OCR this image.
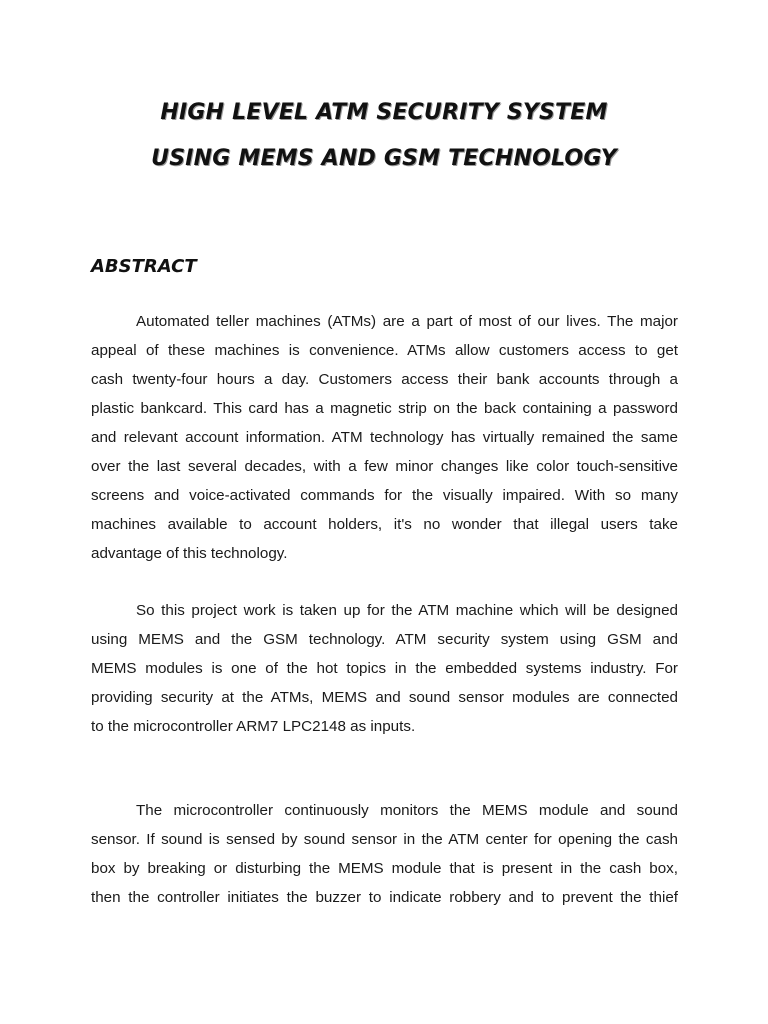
HIGH LEVEL ATM SECURITY SYSTEM
USING MEMS AND GSM TECHNOLOGY
ABSTRACT
Automated teller machines (ATMs) are a part of most of our lives. The major
appeal of these machines is convenience. ATMs allow customers access to get
cash twenty-four hours a day. Customers access their bank accounts through a
plastic bankcard. This card has a magnetic strip on the back containing a password
and relevant account information. ATM technology has virtually remained the same
over the last several decades, with a few minor changes like color touch-sensitive
screens and voice-activated commands for the visually impaired. With so many
machines available to account holders, it's no wonder that illegal users take
advantage of this technology.
So this project work is taken up for the ATM machine which will be designed
using MEMS and the GSM technology. ATM security system using GSM and
MEMS modules is one of the hot topics in the embedded systems industry. For
providing security at the ATMs, MEMS and sound sensor modules are connected
to the microcontroller ARM7 LPC2148 as inputs.
The microcontroller continuously monitors the MEMS module and sound
sensor. If sound is sensed by sound sensor in the ATM center for opening the cash
box by breaking or disturbing the MEMS module that is present in the cash box,
then the controller initiates the buzzer to indicate robbery and to prevent the thief
